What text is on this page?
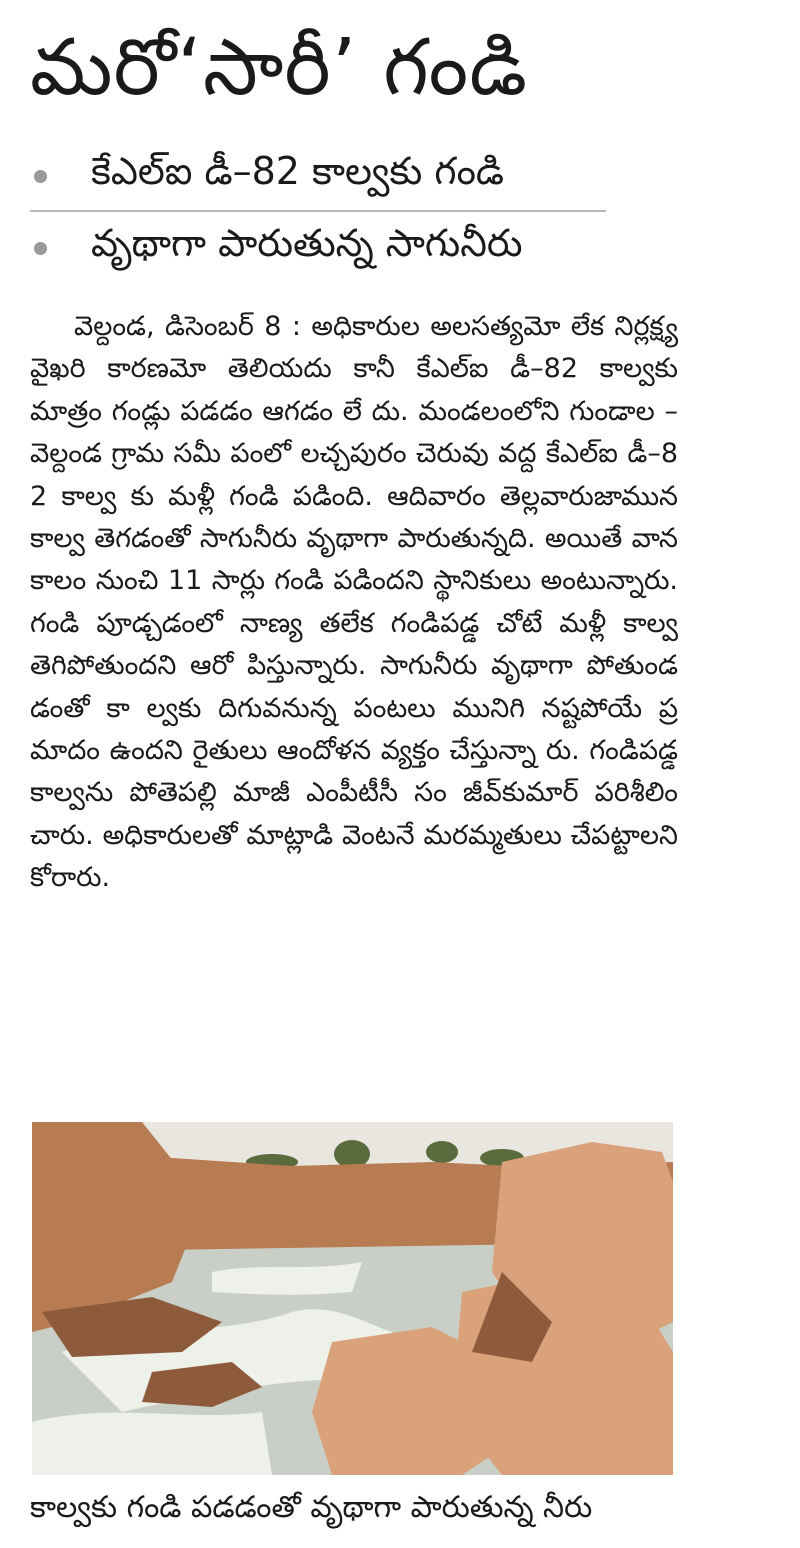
మరో‘సారీ’ గండి
కేఎల్ఐ డీ–82 కాల్వకు గండి
వృథాగా పారుతున్న సాగునీరు
వెల్దండ, డిసెంబర్ 8 : అధికారుల అలసత్యమో లేక నిర్లక్ష్య వైఖరి కారణమో తెలియదు కానీ కేఎల్ఐ డీ–82 కాల్వకు మాత్రం గండ్లు పడడం ఆగడం లే దు. మండలంలోని గుండాల –వెల్దండ గ్రామ సమీ పంలో లచ్చపురం చెరువు వద్ద కేఎల్ఐ డీ–82 కాల్వ కు మళ్లీ గండి పడింది. ఆదివారం తెల్లవారుజామున కాల్వ తెగడంతో సాగునీరు వృథాగా పారుతున్నది. అయితే వానకాలం నుంచి 11 సార్లు గండి పడిందని స్థానికులు అంటున్నారు. గండి పూడ్చడంలో నాణ్య తలేక గండిపడ్డ చోటే మళ్లీ కాల్వ తెగిపోతుందని ఆరో పిస్తున్నారు. సాగునీరు వృథాగా పోతుండడంతో కా ల్వకు దిగువనున్న పంటలు మునిగి నష్టపోయే ప్ర మాదం ఉందని రైతులు ఆందోళన వ్యక్తం చేస్తున్నా రు. గండిపడ్డ కాల్వను పోతెపల్లి మాజీ ఎంపీటీసీ సం జీవ్‌కుమార్ పరిశీలిం చారు. అధికారులతో మాట్లాడి వెంటనే మరమ్మతులు చేపట్టాలని కోరారు.
కాల్వకు గండి పడడంతో వృథాగా పారుతున్న నీరు
